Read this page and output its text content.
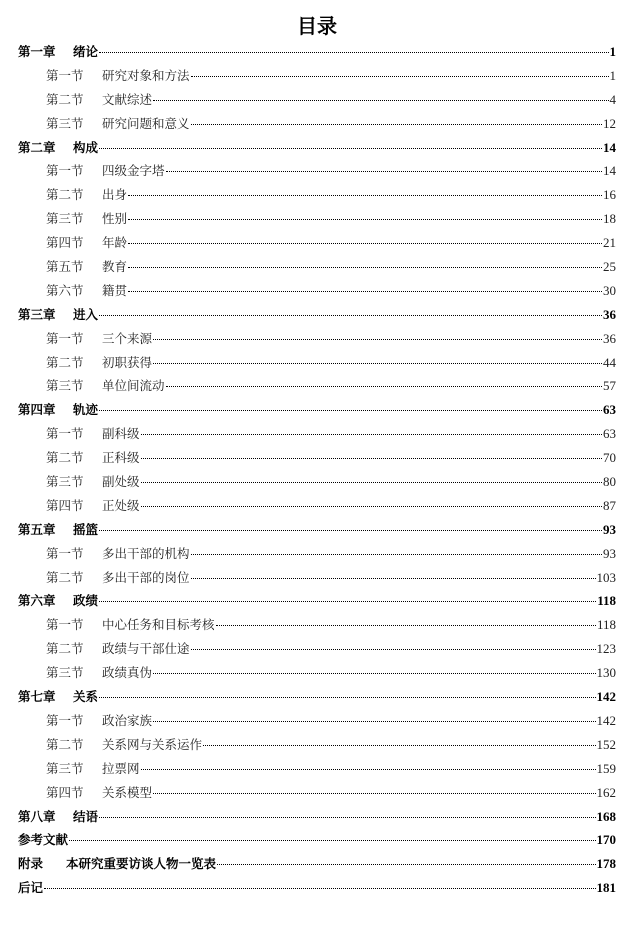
目录
第一章	绪论	1
第一节	研究对象和方法	1
第二节	文献综述	4
第三节	研究问题和意义	12
第二章	构成	14
第一节	四级金字塔	14
第二节	出身	16
第三节	性别	18
第四节	年龄	21
第五节	教育	25
第六节	籍贯	30
第三章	进入	36
第一节	三个来源	36
第二节	初职获得	44
第三节	单位间流动	57
第四章	轨迹	63
第一节	副科级	63
第二节	正科级	70
第三节	副处级	80
第四节	正处级	87
第五章	摇篮	93
第一节	多出干部的机构	93
第二节	多出干部的岗位	103
第六章	政绩	118
第一节	中心任务和目标考核	118
第二节	政绩与干部仕途	123
第三节	政绩真伪	130
第七章	关系	142
第一节	政治家族	142
第二节	关系网与关系运作	152
第三节	拉票网	159
第四节	关系模型	162
第八章	结语	168
参考文献	170
附录	本研究重要访谈人物一览表	178
后记	181
